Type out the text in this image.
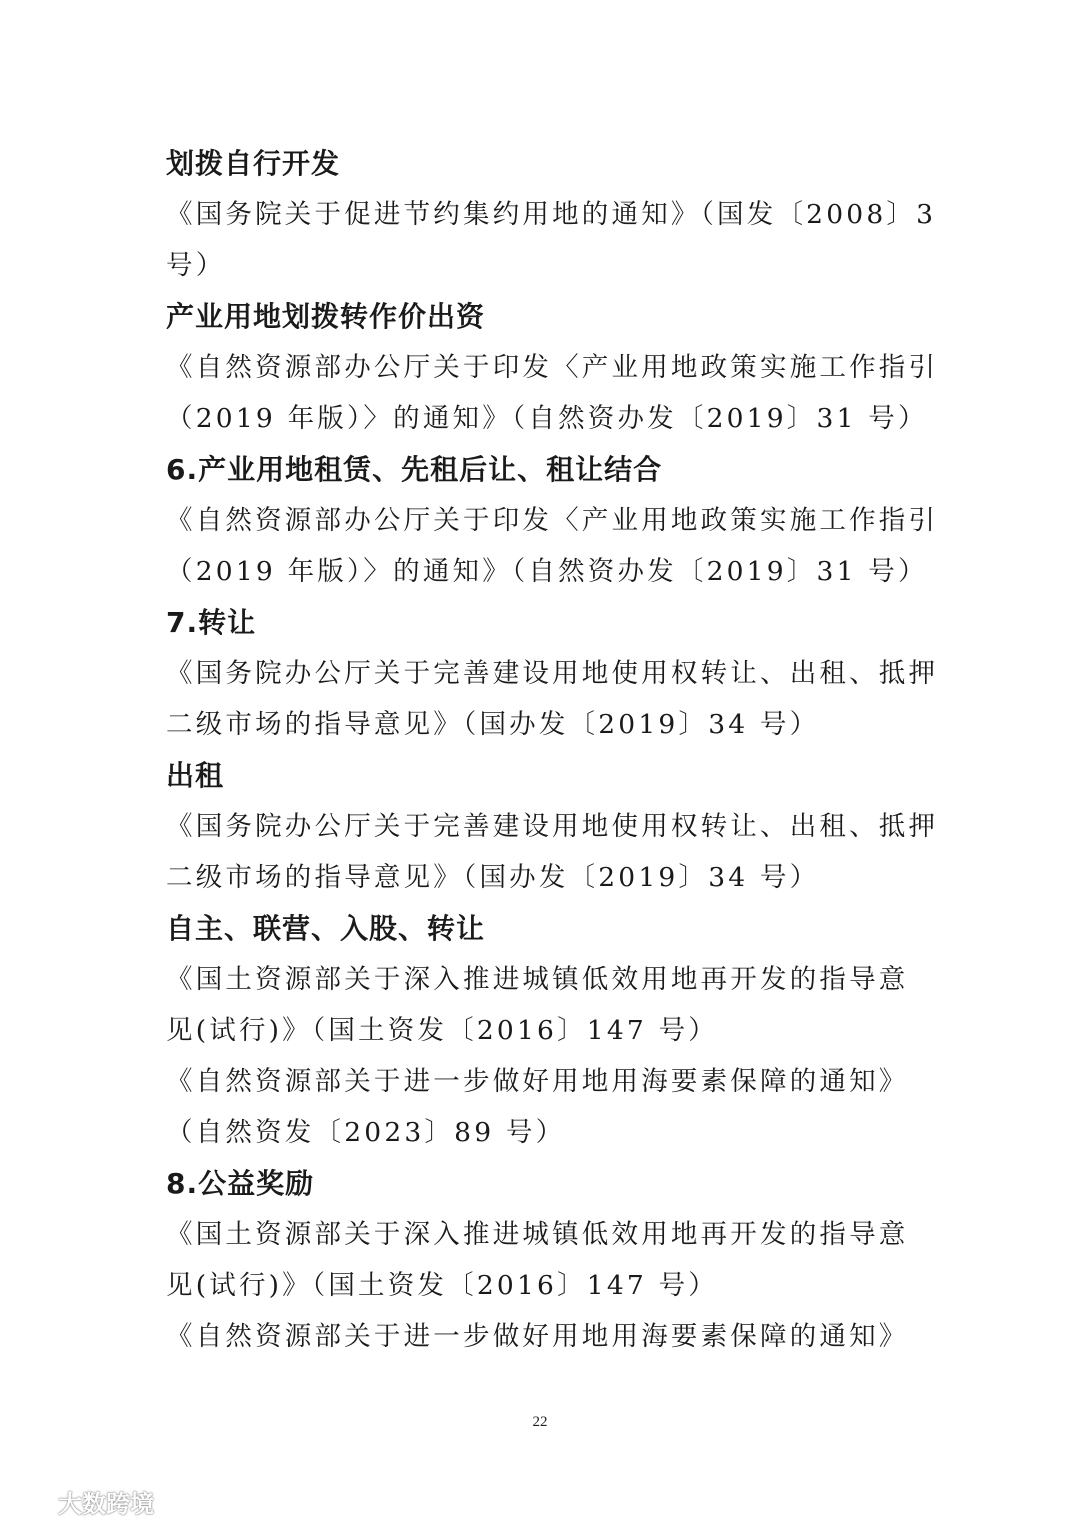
划拨自行开发
《国务院关于促进节约集约用地的通知》（国发〔2008〕3
号）
产业用地划拨转作价出资
《自然资源部办公厅关于印发〈产业用地政策实施工作指引
（2019 年版）〉的通知》（自然资办发〔2019〕31 号）
6.产业用地租赁、先租后让、租让结合
《自然资源部办公厅关于印发〈产业用地政策实施工作指引
（2019 年版）〉的通知》（自然资办发〔2019〕31 号）
7.转让
《国务院办公厅关于完善建设用地使用权转让、出租、抵押
二级市场的指导意见》（国办发〔2019〕34 号）
出租
《国务院办公厅关于完善建设用地使用权转让、出租、抵押
二级市场的指导意见》（国办发〔2019〕34 号）
自主、联营、入股、转让
《国土资源部关于深入推进城镇低效用地再开发的指导意
见(试行)》（国土资发〔2016〕147 号）
《自然资源部关于进一步做好用地用海要素保障的通知》
（自然资发〔2023〕89 号）
8.公益奖励
《国土资源部关于深入推进城镇低效用地再开发的指导意
见(试行)》（国土资发〔2016〕147 号）
《自然资源部关于进一步做好用地用海要素保障的通知》
22
大数跨境
